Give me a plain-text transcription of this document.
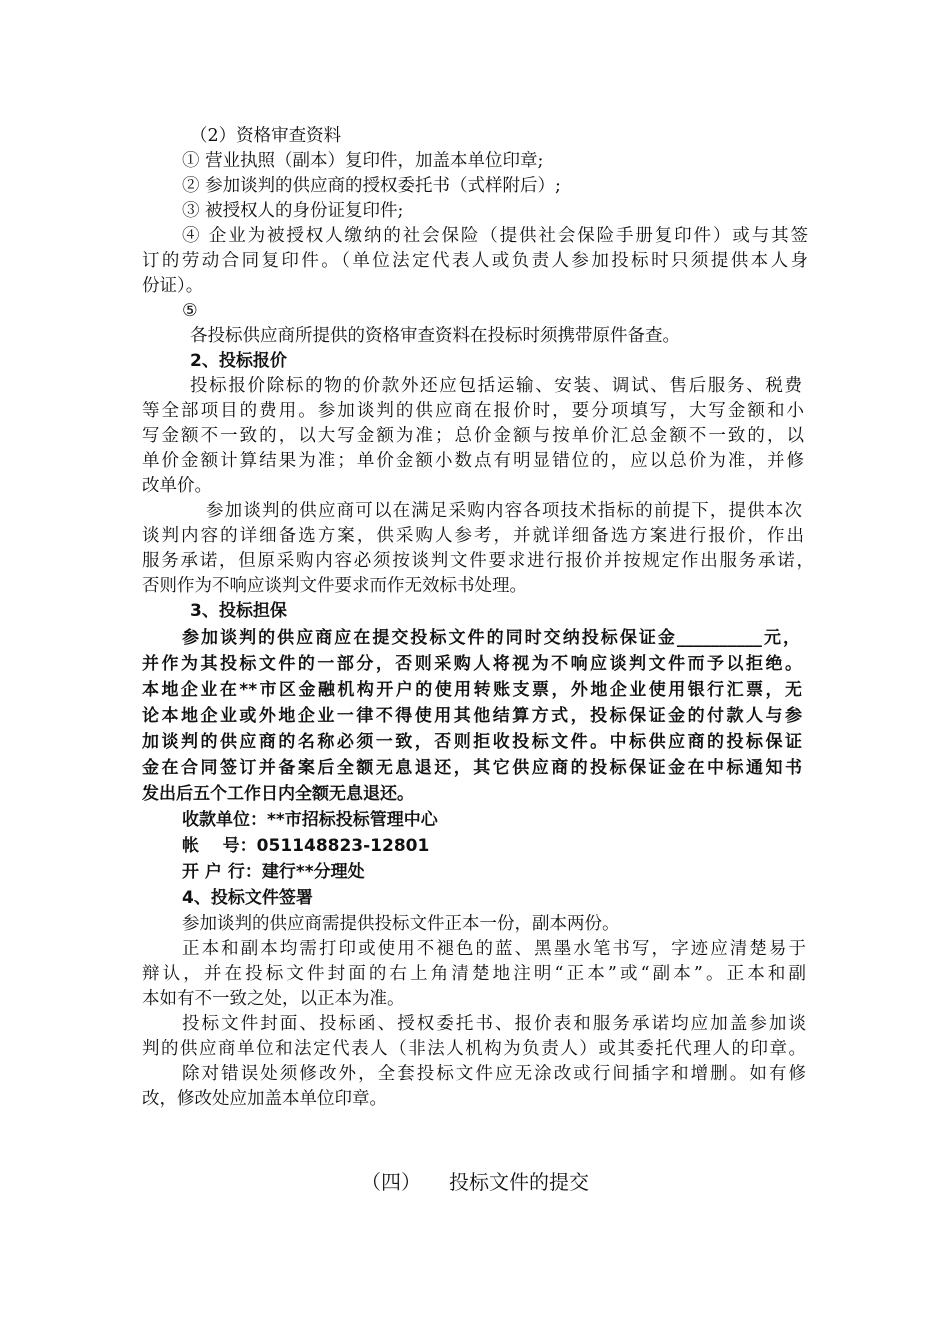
（2）资格审查资料
① 营业执照（副本）复印件，加盖本单位印章;
② 参加谈判的供应商的授权委托书（式样附后）;
③ 被授权人的身份证复印件;
④ 企业为被授权人缴纳的社会保险（提供社会保险手册复印件）或与其签
订的劳动合同复印件。（单位法定代表人或负责人参加投标时只须提供本人身
份证）。
⑤
各投标供应商所提供的资格审查资料在投标时须携带原件备查。
2、投标报价
投标报价除标的物的价款外还应包括运输、安装、调试、售后服务、税费
等全部项目的费用。参加谈判的供应商在报价时，要分项填写，大写金额和小
写金额不一致的，以大写金额为准；总价金额与按单价汇总金额不一致的，以
单价金额计算结果为准；单价金额小数点有明显错位的，应以总价为准，并修
改单价。
参加谈判的供应商可以在满足采购内容各项技术指标的前提下，提供本次
谈判内容的详细备选方案，供采购人参考，并就详细备选方案进行报价，作出
服务承诺，但原采购内容必须按谈判文件要求进行报价并按规定作出服务承诺，
否则作为不响应谈判文件要求而作无效标书处理。
3、投标担保
参加谈判的供应商应在提交投标文件的同时交纳投标保证金__________元，
并作为其投标文件的一部分，否则采购人将视为不响应谈判文件而予以拒绝。
本地企业在**市区金融机构开户的使用转账支票，外地企业使用银行汇票，无
论本地企业或外地企业一律不得使用其他结算方式，投标保证金的付款人与参
加谈判的供应商的名称必须一致，否则拒收投标文件。中标供应商的投标保证
金在合同签订并备案后全额无息退还，其它供应商的投标保证金在中标通知书
发出后五个工作日内全额无息退还。
收款单位：**市招标投标管理中心
帐    号：051148823-12801
开 户 行：建行**分理处
4、投标文件签署
参加谈判的供应商需提供投标文件正本一份，副本两份。
正本和副本均需打印或使用不褪色的蓝、黑墨水笔书写，字迹应清楚易于
辩认，并在投标文件封面的右上角清楚地注明“正本”或“副本”。正本和副
本如有不一致之处，以正本为准。
投标文件封面、投标函、授权委托书、报价表和服务承诺均应加盖参加谈
判的供应商单位和法定代表人（非法人机构为负责人）或其委托代理人的印章。
除对错误处须修改外，全套投标文件应无涂改或行间插字和增删。如有修
改，修改处应加盖本单位印章。
（四） 投标文件的提交
